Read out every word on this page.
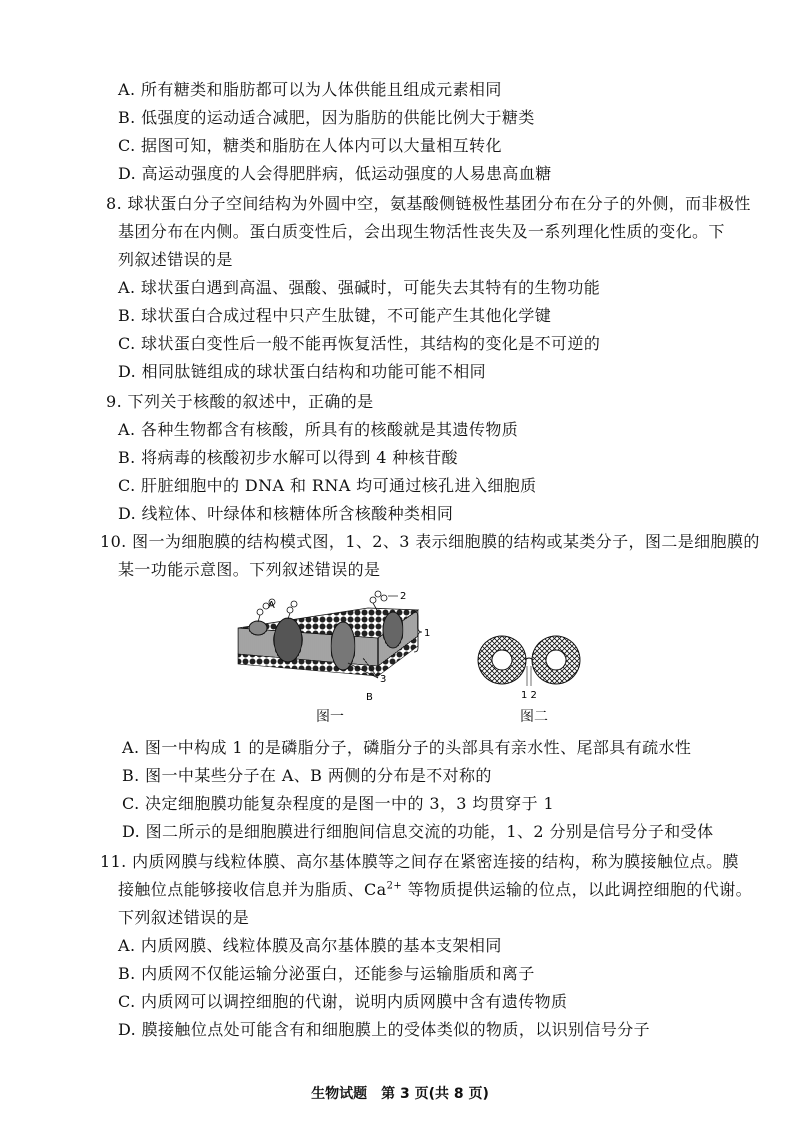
A. 所有糖类和脂肪都可以为人体供能且组成元素相同
B. 低强度的运动适合减肥，因为脂肪的供能比例大于糖类
C. 据图可知，糖类和脂肪在人体内可以大量相互转化
D. 高运动强度的人会得肥胖病，低运动强度的人易患高血糖
8. 球状蛋白分子空间结构为外圆中空，氨基酸侧链极性基团分布在分子的外侧，而非极性
基团分布在内侧。蛋白质变性后，会出现生物活性丧失及一系列理化性质的变化。下
列叙述错误的是
A. 球状蛋白遇到高温、强酸、强碱时，可能失去其特有的生物功能
B. 球状蛋白合成过程中只产生肽键，不可能产生其他化学键
C. 球状蛋白变性后一般不能再恢复活性，其结构的变化是不可逆的
D. 相同肽链组成的球状蛋白结构和功能可能不相同
9. 下列关于核酸的叙述中，正确的是
A. 各种生物都含有核酸，所具有的核酸就是其遗传物质
B. 将病毒的核酸初步水解可以得到 4 种核苷酸
C. 肝脏细胞中的 DNA 和 RNA 均可通过核孔进入细胞质
D. 线粒体、叶绿体和核糖体所含核酸种类相同
10. 图一为细胞膜的结构模式图，1、2、3 表示细胞膜的结构或某类分子，图二是细胞膜的
某一功能示意图。下列叙述错误的是
A
2
1
3
B
图一
1 2
图二
A. 图一中构成 1 的是磷脂分子，磷脂分子的头部具有亲水性、尾部具有疏水性
B. 图一中某些分子在 A、B 两侧的分布是不对称的
C. 决定细胞膜功能复杂程度的是图一中的 3，3 均贯穿于 1
D. 图二所示的是细胞膜进行细胞间信息交流的功能，1、2 分别是信号分子和受体
11. 内质网膜与线粒体膜、高尔基体膜等之间存在紧密连接的结构，称为膜接触位点。膜
接触位点能够接收信息并为脂质、$Ca^{2+}$ 等物质提供运输的位点，以此调控细胞的代谢。
下列叙述错误的是
A. 内质网膜、线粒体膜及高尔基体膜的基本支架相同
B. 内质网不仅能运输分泌蛋白，还能参与运输脂质和离子
C. 内质网可以调控细胞的代谢，说明内质网膜中含有遗传物质
D. 膜接触位点处可能含有和细胞膜上的受体类似的物质，以识别信号分子
生物试题　第 3 页(共 8 页)
